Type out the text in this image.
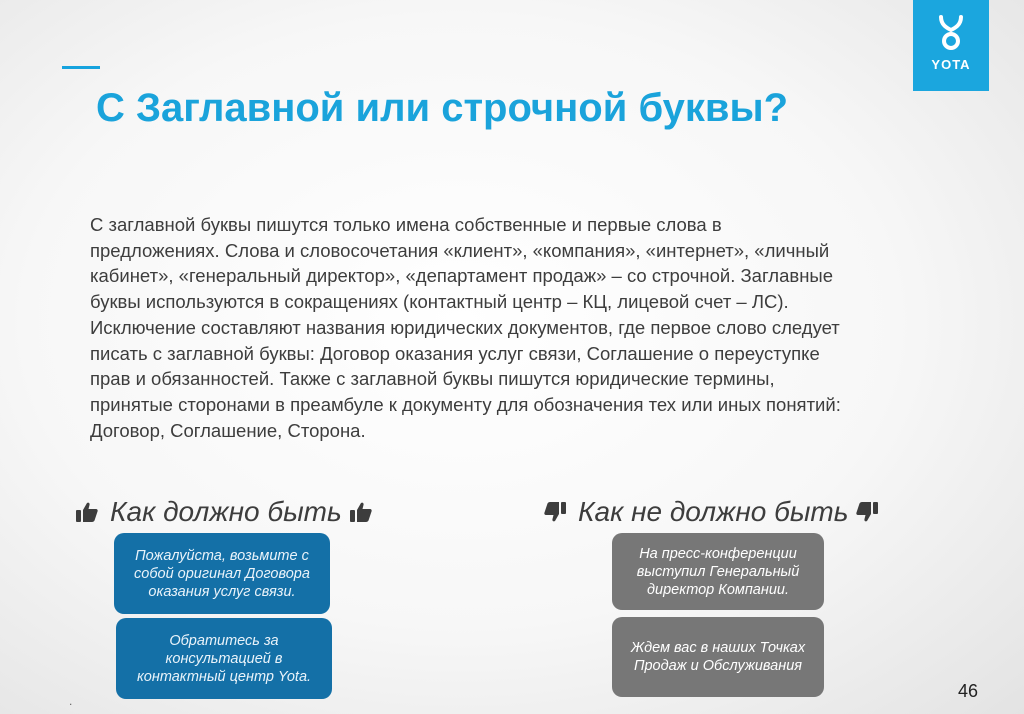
С Заглавной или строчной буквы?
YOTA

С заглавной буквы пишутся только имена собственные и первые слова в предложениях. Слова и словосочетания «клиент», «компания», «интернет», «личный кабинет», «генеральный директор», «департамент продаж» – со строчной. Заглавные буквы используются в сокращениях (контактный центр – КЦ, лицевой счет – ЛС).

Исключение составляют названия юридических документов, где первое слово следует писать с заглавной буквы: Договор оказания услуг связи, Соглашение о переуступке прав и обязанностей. Также с заглавной буквы пишутся юридические термины, принятые сторонами в преамбуле к документу для обозначения тех или иных понятий: Договор, Соглашение, Сторона.

Как должно быть	Как не должно быть
Пожалуйста, возьмите с собой оригинал Договора оказания услуг связи.
Обратитесь за консультацией в контактный центр Yota.
На пресс-конференции выступил Генеральный директор Компании.
Ждем вас в наших Точках Продаж и Обслуживания
.	46
